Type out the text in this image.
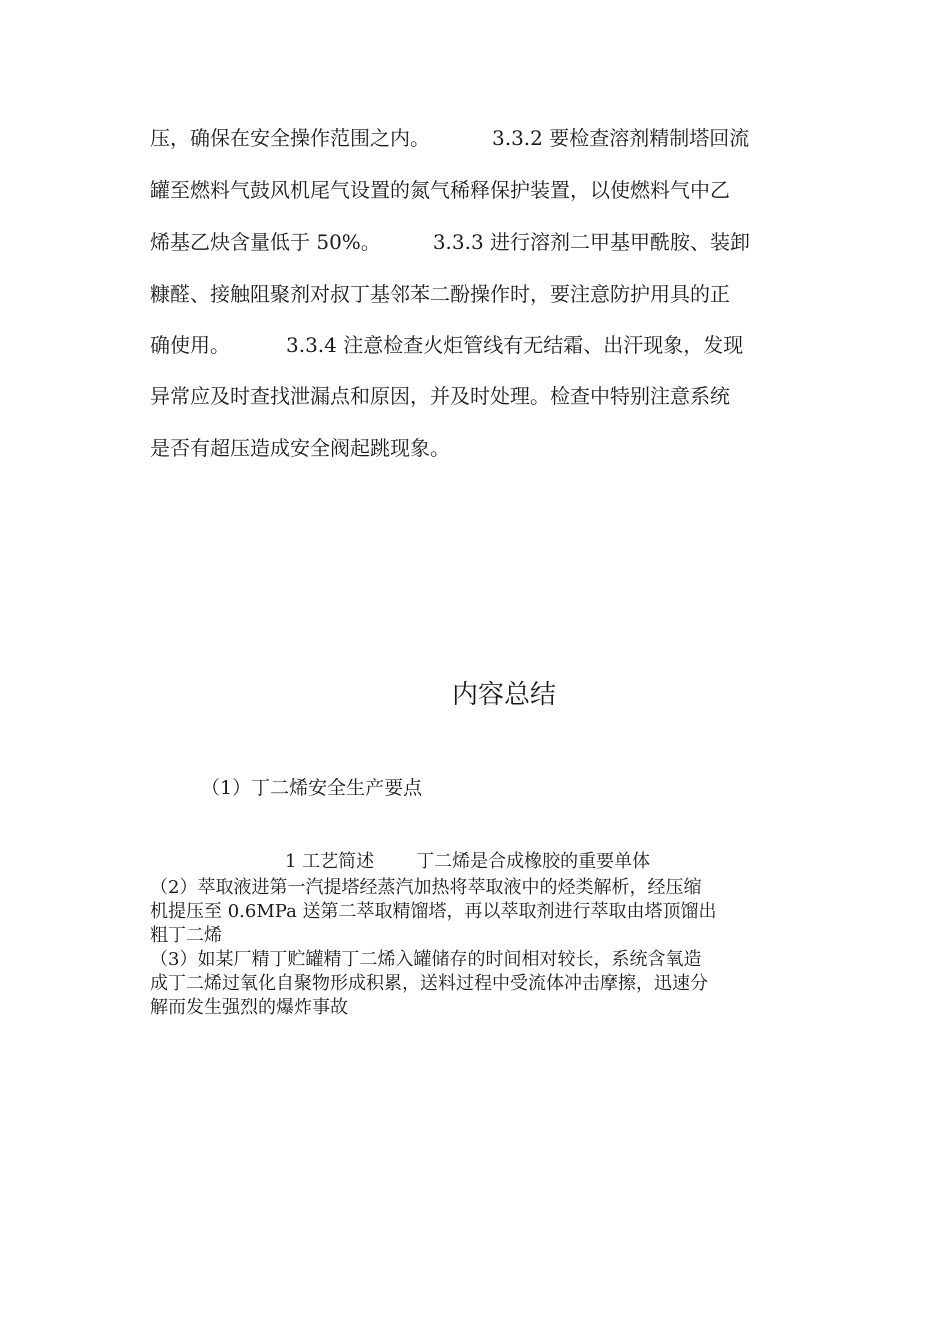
压，确保在安全操作范围之内。	3.3.2 要检查溶剂精制塔回流
罐至燃料气鼓风机尾气设置的氮气稀释保护装置，以使燃料气中乙
烯基乙炔含量低于 50%。	3.3.3 进行溶剂二甲基甲酰胺、装卸
糠醛、接触阻聚剂对叔丁基邻苯二酚操作时，要注意防护用具的正
确使用。	3.3.4 注意检查火炬管线有无结霜、出汗现象，发现
异常应及时查找泄漏点和原因，并及时处理。检查中特别注意系统
是否有超压造成安全阀起跳现象。
内容总结
（1）丁二烯安全生产要点
1 工艺简述 丁二烯是合成橡胶的重要单体
（2）萃取液进第一汽提塔经蒸汽加热将萃取液中的烃类解析，经压缩
机提压至 0.6MPa 送第二萃取精馏塔，再以萃取剂进行萃取由塔顶馏出
粗丁二烯
（3）如某厂精丁贮罐精丁二烯入罐储存的时间相对较长，系统含氧造
成丁二烯过氧化自聚物形成积累，送料过程中受流体冲击摩擦，迅速分
解而发生强烈的爆炸事故
